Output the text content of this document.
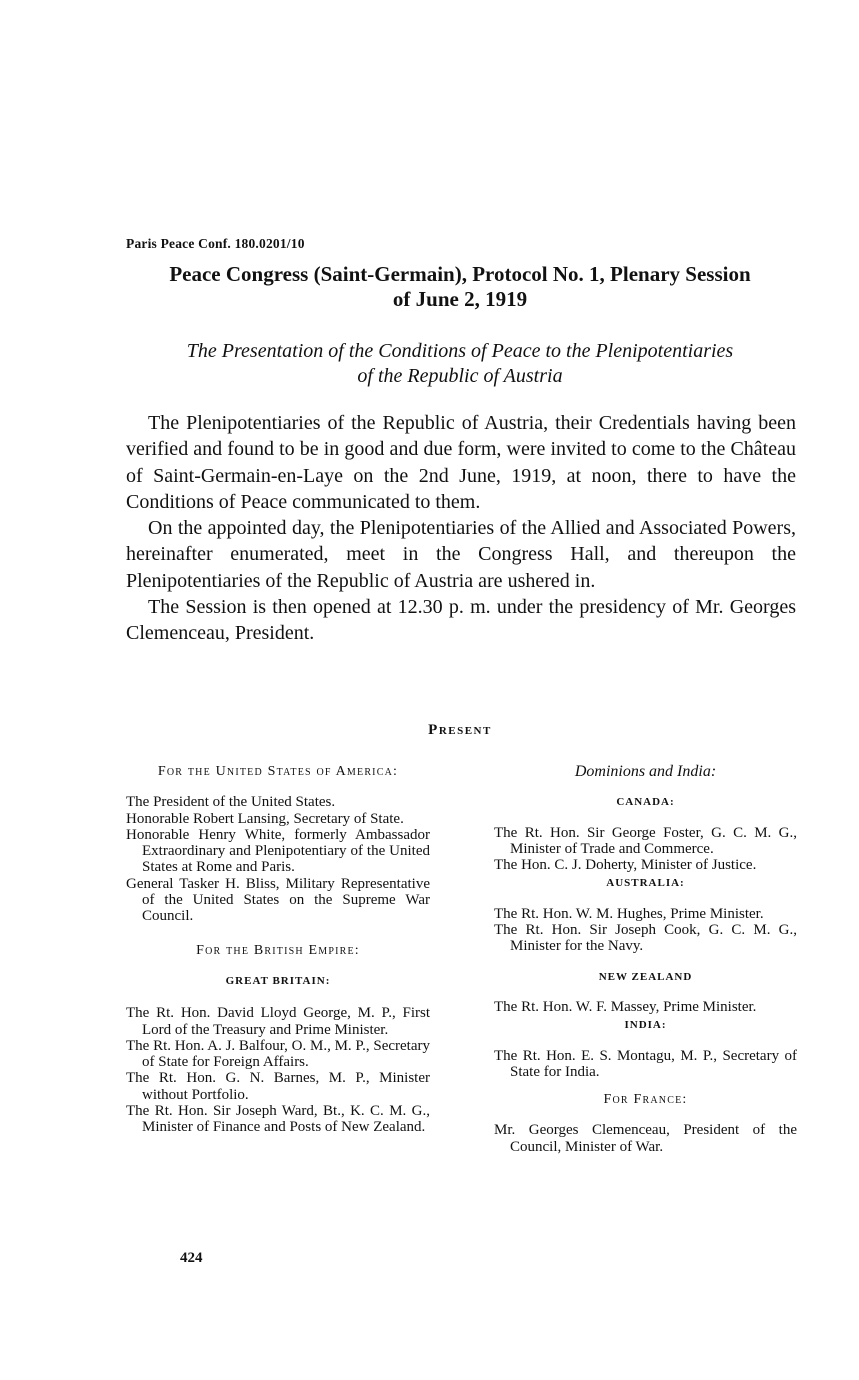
Paris Peace Conf. 180.0201/10
Peace Congress (Saint-Germain), Protocol No. 1, Plenary Session
of June 2, 1919
The Presentation of the Conditions of Peace to the Plenipotentiaries
of the Republic of Austria

The Plenipotentiaries of the Republic of Austria, their Credentials having been verified and found to be in good and due form, were invited to come to the Château of Saint-Germain-en-Laye on the 2nd June, 1919, at noon, there to have the Conditions of Peace communicated to them.

On the appointed day, the Plenipotentiaries of the Allied and Associated Powers, hereinafter enumerated, meet in the Congress Hall, and thereupon the Plenipotentiaries of the Republic of Austria are ushered in.

The Session is then opened at 12.30 p. m. under the presidency of Mr. Georges Clemenceau, President.

Present
For the United States of America:
The President of the United States.
Honorable Robert Lansing, Secretary of State.
Honorable Henry White, formerly Ambassador Extraordinary and Plenipotentiary of the United States at Rome and Paris.
General Tasker H. Bliss, Military Representative of the United States on the Supreme War Council.
For the British Empire:
GREAT BRITAIN:
The Rt. Hon. David Lloyd George, M. P., First Lord of the Treasury and Prime Minister.
The Rt. Hon. A. J. Balfour, O. M., M. P., Secretary of State for Foreign Affairs.
The Rt. Hon. G. N. Barnes, M. P., Minister without Portfolio.
The Rt. Hon. Sir Joseph Ward, Bt., K. C. M. G., Minister of Finance and Posts of New Zealand.
Dominions and India:
CANADA:
The Rt. Hon. Sir George Foster, G. C. M. G., Minister of Trade and Commerce.
The Hon. C. J. Doherty, Minister of Justice.
AUSTRALIA:
The Rt. Hon. W. M. Hughes, Prime Minister.
The Rt. Hon. Sir Joseph Cook, G. C. M. G., Minister for the Navy.
NEW ZEALAND
The Rt. Hon. W. F. Massey, Prime Minister.
INDIA:
The Rt. Hon. E. S. Montagu, M. P., Secretary of State for India.
For France:
Mr. Georges Clemenceau, President of the Council, Minister of War.
424
